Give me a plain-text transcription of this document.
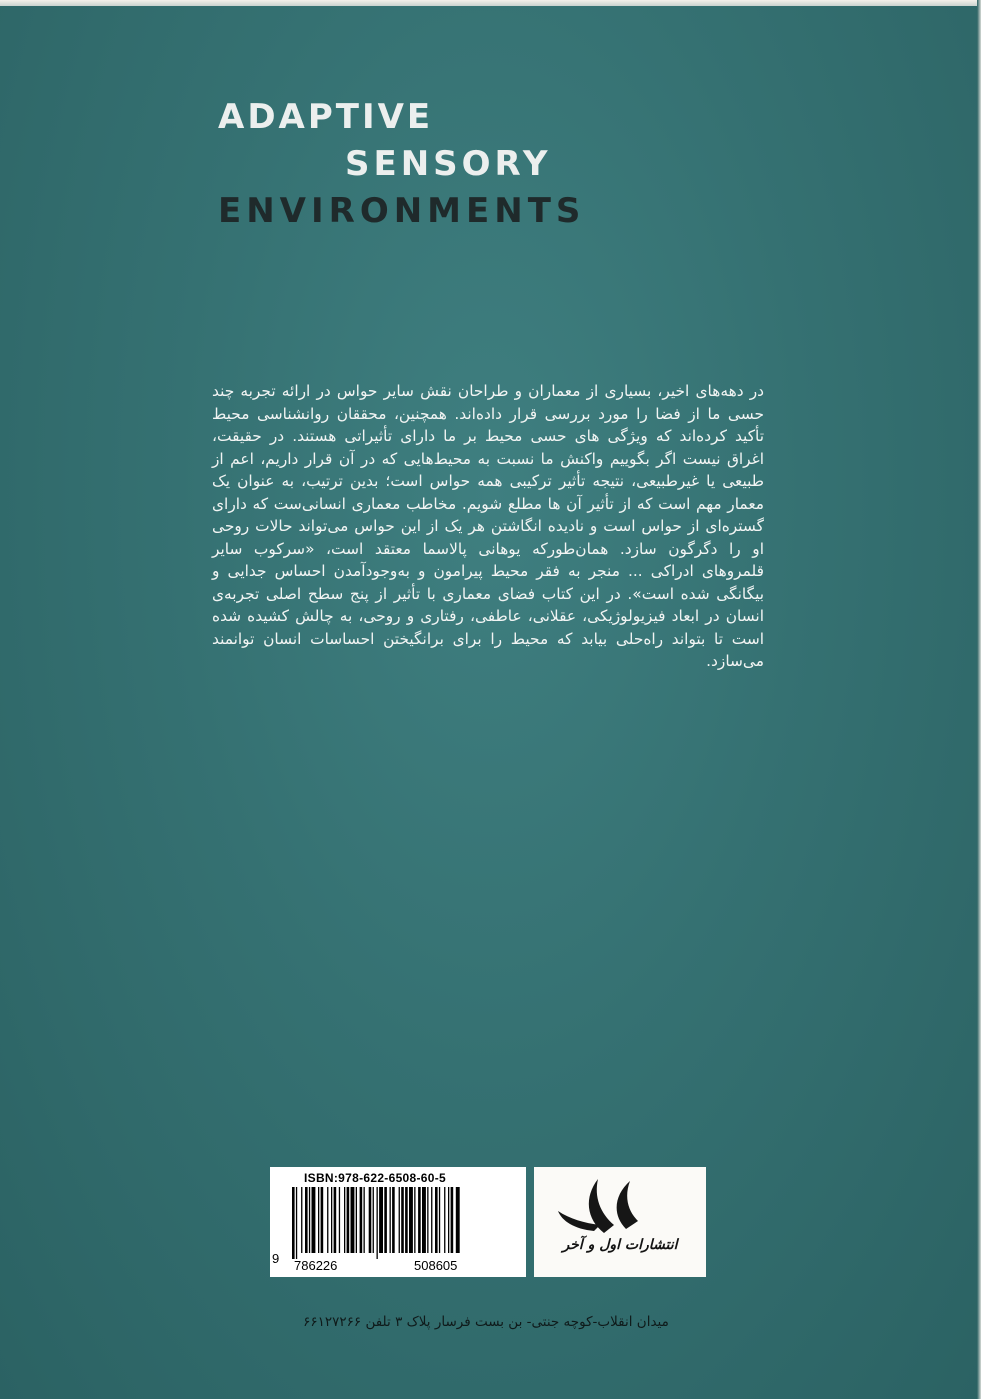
ADAPTIVE

SENSORY

ENVIRONMENTS

در دهه‌های اخیر، بسیاری از معماران و طراحان نقش سایر حواس در ارائه تجربه چند حسی ما از فضا را مورد بررسی قرار داده‌اند. همچنین، محققان روانشناسی محیط تأکید کرده‌اند که ویژگی های حسی محیط بر ما دارای تأثیراتی هستند. در حقیقت، اغراق نیست اگر بگوییم واکنش ما نسبت به محیط‌هایی که در آن قرار داریم، اعم از طبیعی یا غیرطبیعی، نتیجه تأثیر ترکیبی همه حواس است؛ بدین ترتیب، به عنوان یک معمار مهم است که از تأثیر آن ها مطلع شویم. مخاطب معماری انسانی‌ست که دارای گستره‌ای از حواس است و نادیده انگاشتن هر یک از این حواس می‌تواند حالات روحی او را دگرگون سازد. همان‌طورکه یوهانی پالاسما معتقد است، «سرکوب سایر قلمروهای ادراکی ... منجر به فقر محیط پیرامون و به‌وجودآمدن احساس جدایی و بیگانگی شده است». در این کتاب فضای معماری با تأثیر از پنج سطح اصلی تجربه‌ی انسان در ابعاد فیزیولوژیکی، عقلانی، عاطفی، رفتاری و روحی، به چالش کشیده شده است تا بتواند راه‌حلی بیابد که محیط را برای برانگیختن احساسات انسان توانمند می‌سازد.

ISBN:978-622-6508-60-5

9 786226	508605

انتشارات اول و آخر

میدان انقلاب-کوچه جنتی- بن بست فرسار پلاک ۳ تلفن ۶۶۱۲۷۲۶۶
